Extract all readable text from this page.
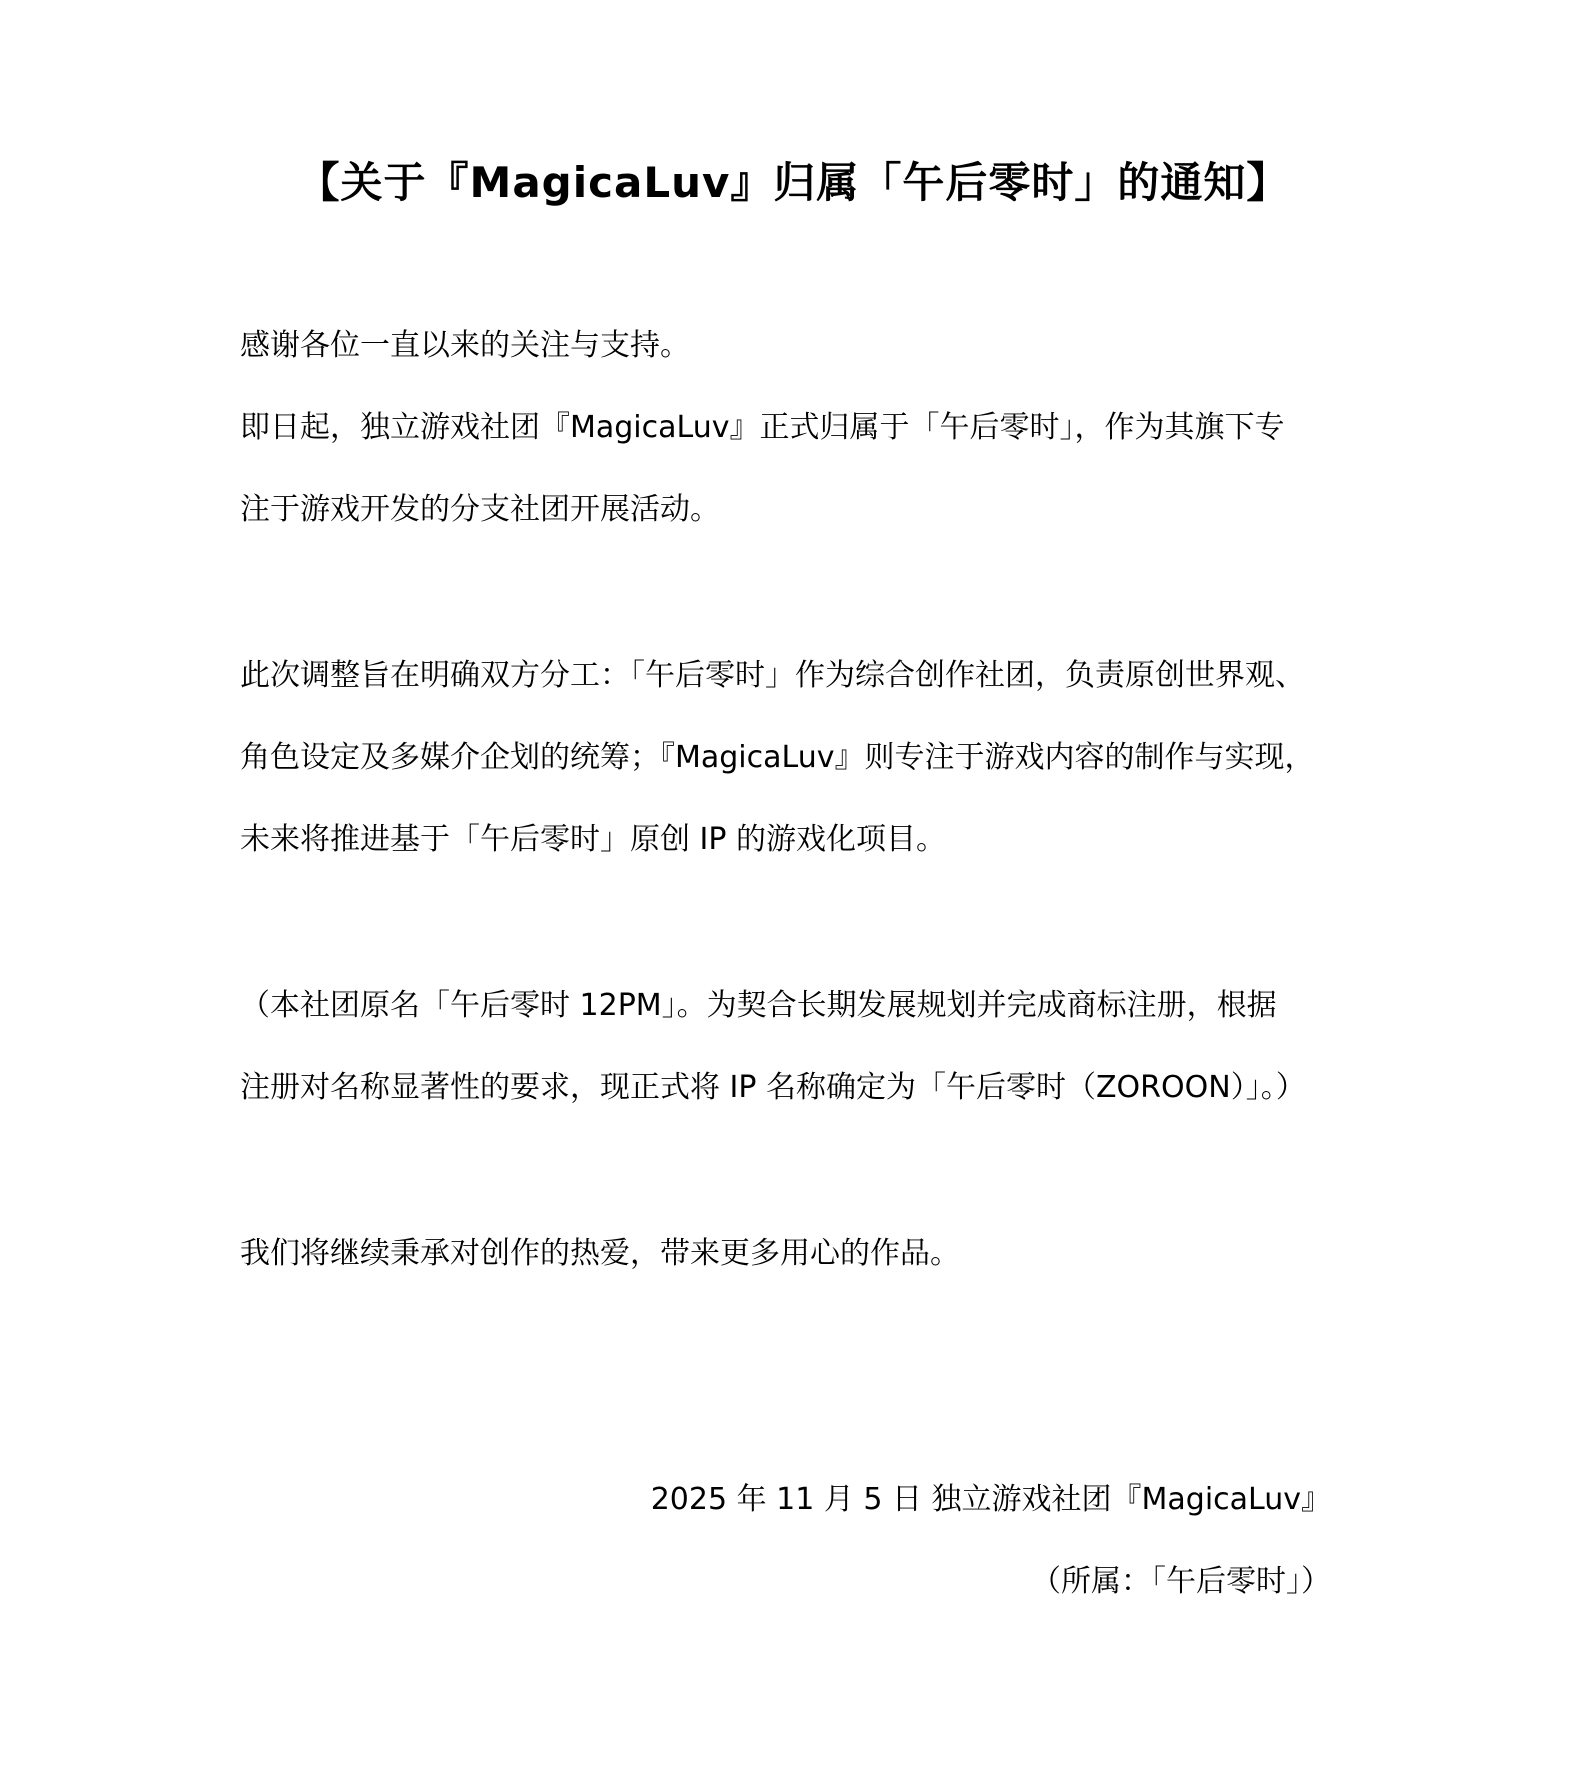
【关于『MagicaLuv』归属「午后零时」的通知】
感谢各位一直以来的关注与支持。
即日起，独立游戏社团『MagicaLuv』正式归属于「午后零时」，作为其旗下专
注于游戏开发的分支社团开展活动。
此次调整旨在明确双方分工：「午后零时」作为综合创作社团，负责原创世界观、
角色设定及多媒介企划的统筹；『MagicaLuv』则专注于游戏内容的制作与实现，
未来将推进基于「午后零时」原创 IP 的游戏化项目。
（本社团原名「午后零时 12PM」。为契合长期发展规划并完成商标注册，根据
注册对名称显著性的要求，现正式将 IP 名称确定为「午后零时（ZOROON）」。）
我们将继续秉承对创作的热爱，带来更多用心的作品。
2025 年 11 月 5 日 独立游戏社团『MagicaLuv』
（所属：「午后零时」）
